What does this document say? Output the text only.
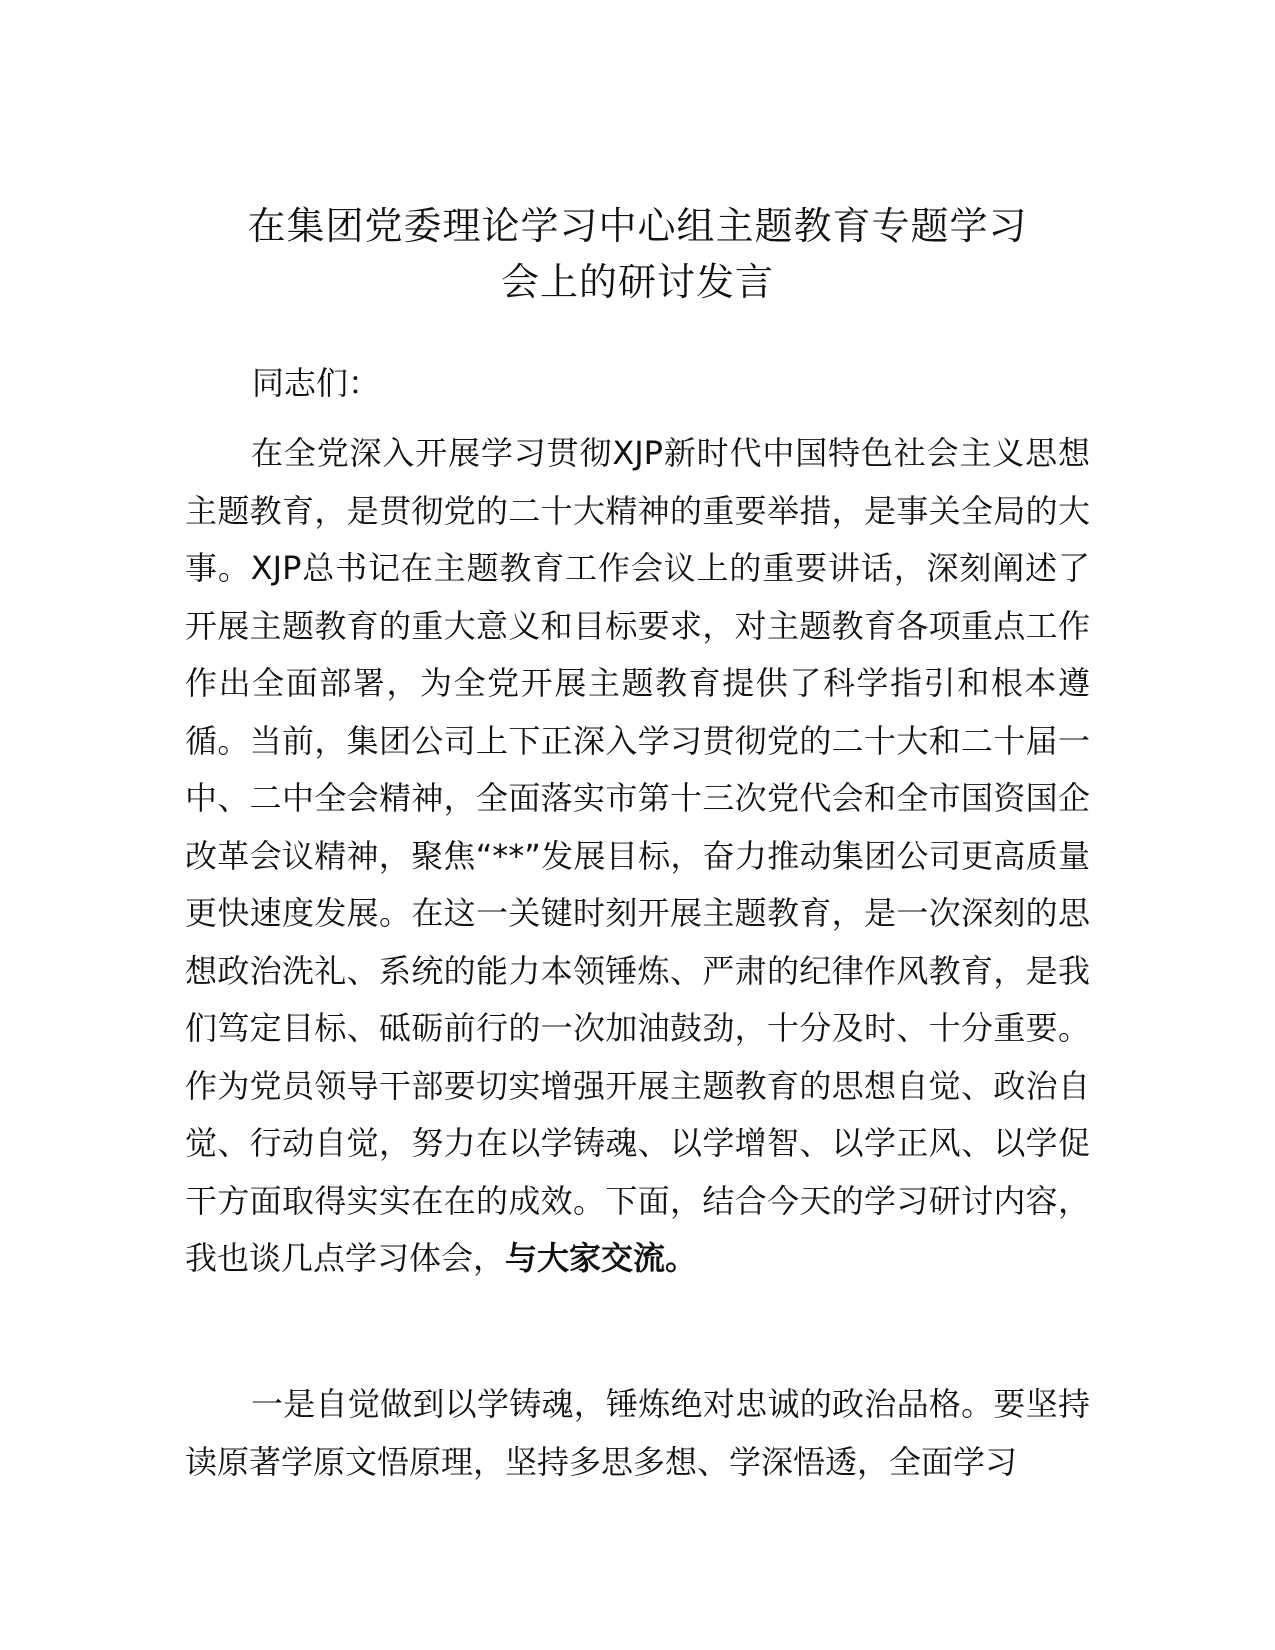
在集团党委理论学习中心组主题教育专题学习
会上的研讨发言

同志们：

在全党深入开展学习贯彻XJP新时代中国特色社会主义思想主题教育，是贯彻党的二十大精神的重要举措，是事关全局的大事。XJP总书记在主题教育工作会议上的重要讲话，深刻阐述了开展主题教育的重大意义和目标要求，对主题教育各项重点工作作出全面部署，为全党开展主题教育提供了科学指引和根本遵循。当前，集团公司上下正深入学习贯彻党的二十大和二十届一中、二中全会精神，全面落实市第十三次党代会和全市国资国企改革会议精神，聚焦“**”发展目标，奋力推动集团公司更高质量更快速度发展。在这一关键时刻开展主题教育，是一次深刻的思想政治洗礼、系统的能力本领锤炼、严肃的纪律作风教育，是我们笃定目标、砥砺前行的一次加油鼓劲，十分及时、十分重要。作为党员领导干部要切实增强开展主题教育的思想自觉、政治自觉、行动自觉，努力在以学铸魂、以学增智、以学正风、以学促干方面取得实实在在的成效。下面，结合今天的学习研讨内容，我也谈几点学习体会，与大家交流。

一是自觉做到以学铸魂，锤炼绝对忠诚的政治品格。要坚持读原著学原文悟原理，坚持多思多想、学深悟透，全面学习
